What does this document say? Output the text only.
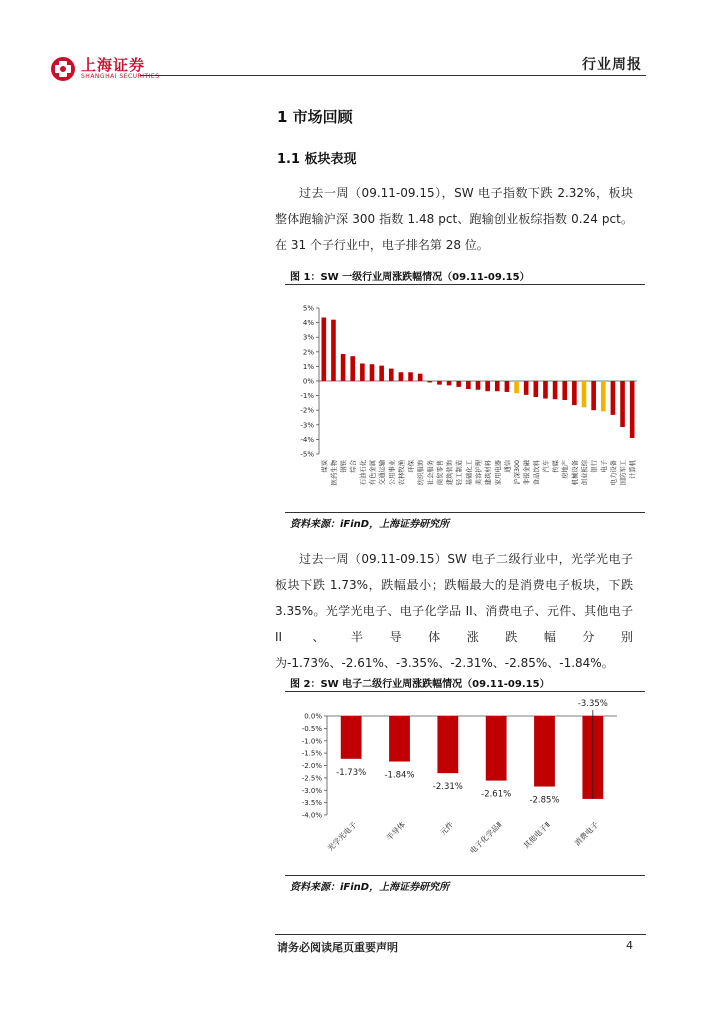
上海证券
SHANGHAI SECURITIES
行业周报
1 市场回顾
1.1 板块表现

过去一周（09.11-09.15），SW 电子指数下跌 2.32%，板块整体跑输沪深 300 指数 1.48 pct、跑输创业板综指数 0.24 pct。在 31 个子行业中，电子排名第 28 位。

图 1：SW 一级行业周涨跌幅情况（09.11-09.15）
5%
4%
3%
2%
1%
0%
-1%
-2%
-3%
-4%
-5%
煤炭 医药生物 钢铁 综合 石油石化 有色金属 交通运输 公用事业 农林牧渔 环保 纺织服饰 社会服务 商贸零售 建筑装饰 轻工制造 基础化工 美容护理 建筑材料 家用电器 通信 沪深300 非银金融 食品饮料 汽车 传媒 房地产 机械设备 创业板综 银行 电子 电力设备 国防军工 计算机
资料来源：iFinD，上海证券研究所

过去一周（09.11-09.15）SW 电子二级行业中，光学光电子板块下跌 1.73%，跌幅最小；跌幅最大的是消费电子板块，下跌 3.35%。光学光电子、电子化学品 II、消费电子、元件、其他电子 II 、半导体涨跌幅分别为-1.73%、-2.61%、-3.35%、-2.31%、-2.85%、-1.84%。

图 2：SW 电子二级行业周涨跌幅情况（09.11-09.15）
0.0%
-0.5%
-1.0%
-1.5%
-2.0%
-2.5%
-3.0%
-3.5%
-4.0%
-1.73% -1.84%
-2.31%
-2.61%
-2.85%
-3.35%
光学光电子	半导体	元件 电子化学品Ⅱ 其他电子Ⅱ	消费电子
资料来源：iFinD，上海证券研究所
请务必阅读尾页重要声明	4
